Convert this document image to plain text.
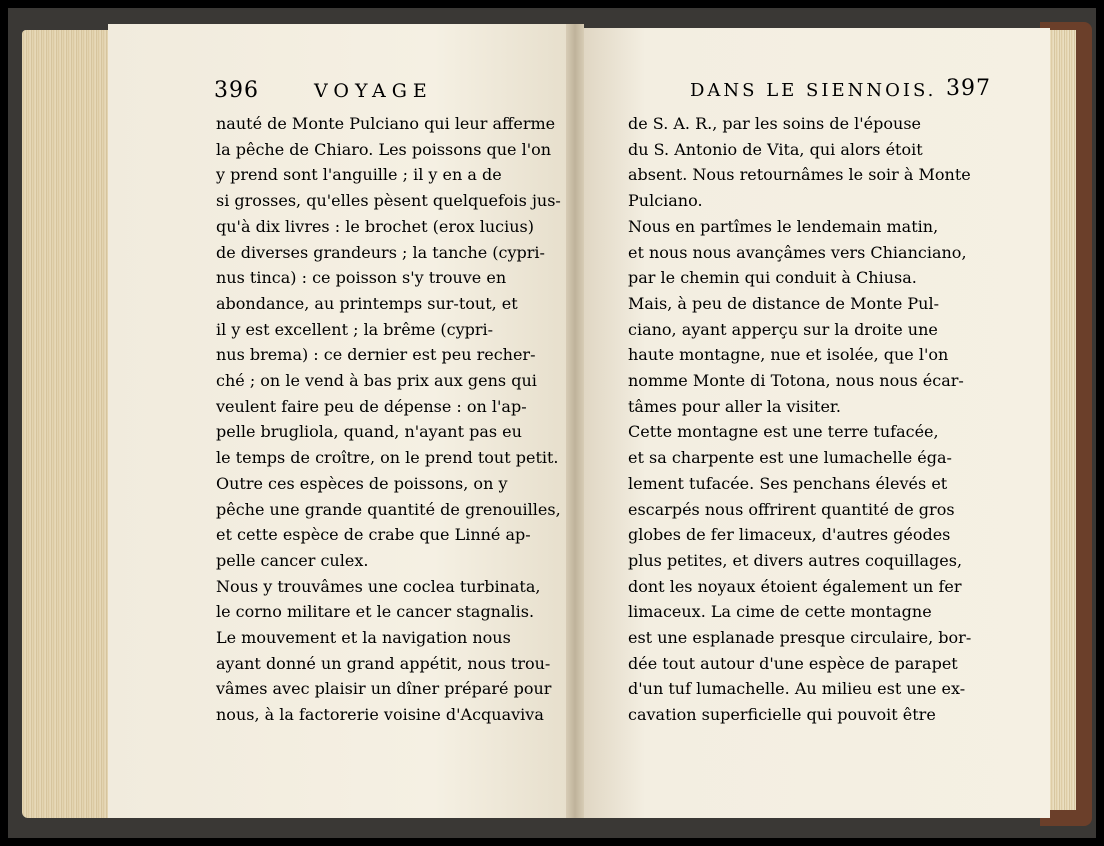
396	VOYAGE	DANS LE SIENNOIS. 397

nauté de Monte Pulciano qui leur afferme

la pêche de Chiaro. Les poissons que l'on

y prend sont l'anguille ; il y en a de

si grosses, qu'elles pèsent quelquefois jus-

qu'à dix livres : le brochet (erox lucius)

de diverses grandeurs ; la tanche (cypri-

nus tinca) : ce poisson s'y trouve en

abondance, au printemps sur-tout, et

il y est excellent ; la brême (cypri-

nus brema) : ce dernier est peu recher-

ché ; on le vend à bas prix aux gens qui

veulent faire peu de dépense : on l'ap-

pelle brugliola, quand, n'ayant pas eu

le temps de croître, on le prend tout petit.

Outre ces espèces de poissons, on y

pêche une grande quantité de grenouilles,

et cette espèce de crabe que Linné ap-

pelle cancer culex.

Nous y trouvâmes une coclea turbinata,

le corno militare et le cancer stagnalis.

Le mouvement et la navigation nous

ayant donné un grand appétit, nous trou-

vâmes avec plaisir un dîner préparé pour

nous, à la factorerie voisine d'Acquaviva

de S. A. R., par les soins de l'épouse

du S. Antonio de Vita, qui alors étoit

absent. Nous retournâmes le soir à Monte

Pulciano.

Nous en partîmes le lendemain matin,

et nous nous avançâmes vers Chianciano,

par le chemin qui conduit à Chiusa.

Mais, à peu de distance de Monte Pul-

ciano, ayant apperçu sur la droite une

haute montagne, nue et isolée, que l'on

nomme Monte di Totona, nous nous écar-

tâmes pour aller la visiter.

Cette montagne est une terre tufacée,

et sa charpente est une lumachelle éga-

lement tufacée. Ses penchans élevés et

escarpés nous offrirent quantité de gros

globes de fer limaceux, d'autres géodes

plus petites, et divers autres coquillages,

dont les noyaux étoient également un fer

limaceux. La cime de cette montagne

est une esplanade presque circulaire, bor-

dée tout autour d'une espèce de parapet

d'un tuf lumachelle. Au milieu est une ex-

cavation superficielle qui pouvoit être
